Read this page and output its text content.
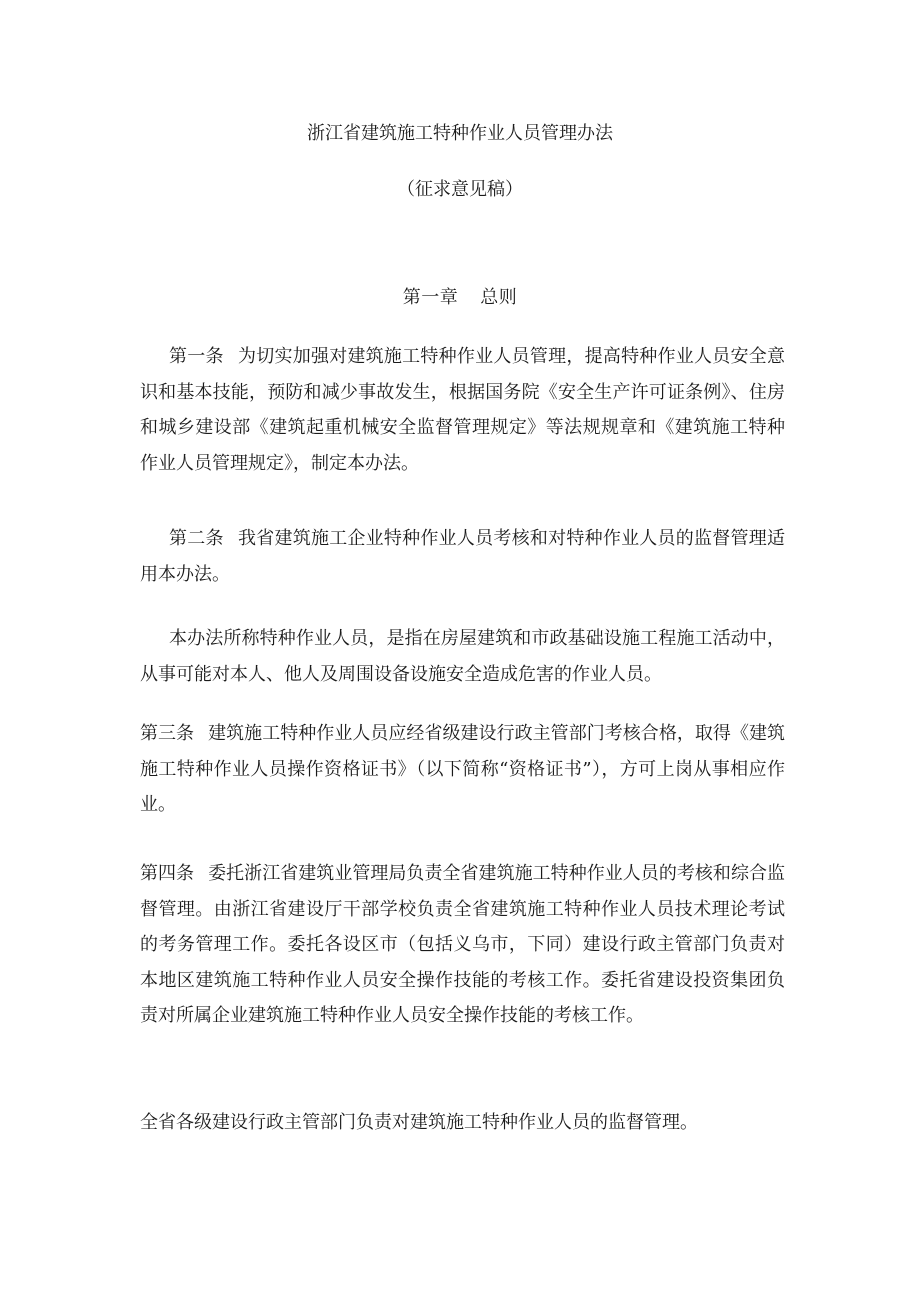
浙江省建筑施工特种作业人员管理办法
（征求意见稿）
第一章 总则

第一条 为切实加强对建筑施工特种作业人员管理，提高特种作业人员安全意识和基本技能，预防和减少事故发生，根据国务院《安全生产许可证条例》、住房和城乡建设部《建筑起重机械安全监督管理规定》等法规规章和《建筑施工特种作业人员管理规定》，制定本办法。

第二条 我省建筑施工企业特种作业人员考核和对特种作业人员的监督管理适用本办法。

本办法所称特种作业人员，是指在房屋建筑和市政基础设施工程施工活动中，从事可能对本人、他人及周围设备设施安全造成危害的作业人员。

第三条 建筑施工特种作业人员应经省级建设行政主管部门考核合格，取得《建筑施工特种作业人员操作资格证书》（以下简称“资格证书”），方可上岗从事相应作业。

第四条 委托浙江省建筑业管理局负责全省建筑施工特种作业人员的考核和综合监督管理。由浙江省建设厅干部学校负责全省建筑施工特种作业人员技术理论考试的考务管理工作。委托各设区市（包括义乌市，下同）建设行政主管部门负责对本地区建筑施工特种作业人员安全操作技能的考核工作。委托省建设投资集团负责对所属企业建筑施工特种作业人员安全操作技能的考核工作。

全省各级建设行政主管部门负责对建筑施工特种作业人员的监督管理。
